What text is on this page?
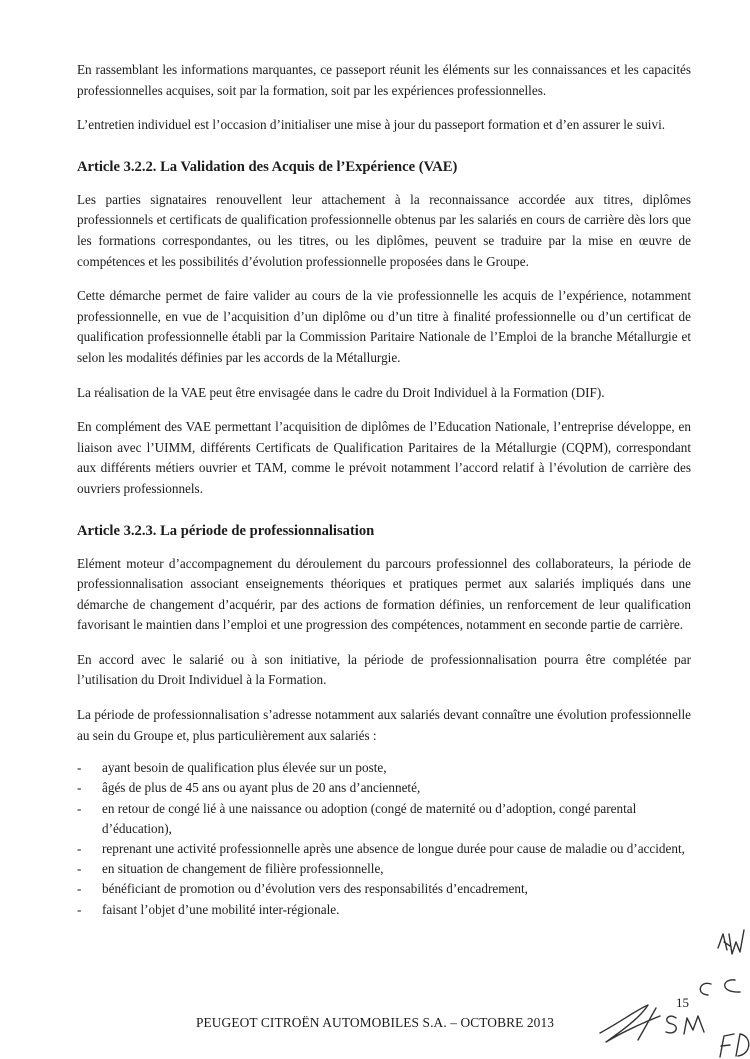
En rassemblant les informations marquantes, ce passeport réunit les éléments sur les connaissances et les capacités professionnelles acquises, soit par la formation, soit par les expériences professionnelles.

L’entretien individuel est l’occasion d’initialiser une mise à jour du passeport formation et d’en assurer le suivi.

Article 3.2.2. La Validation des Acquis de l’Expérience (VAE)

Les parties signataires renouvellent leur attachement à la reconnaissance accordée aux titres, diplômes professionnels et certificats de qualification professionnelle obtenus par les salariés en cours de carrière dès lors que les formations correspondantes, ou les titres, ou les diplômes, peuvent se traduire par la mise en œuvre de compétences et les possibilités d’évolution professionnelle proposées dans le Groupe.

Cette démarche permet de faire valider au cours de la vie professionnelle les acquis de l’expérience, notamment professionnelle, en vue de l’acquisition d’un diplôme ou d’un titre à finalité professionnelle ou d’un certificat de qualification professionnelle établi par la Commission Paritaire Nationale de l’Emploi de la branche Métallurgie et selon les modalités définies par les accords de la Métallurgie.

La réalisation de la VAE peut être envisagée dans le cadre du Droit Individuel à la Formation (DIF).

En complément des VAE permettant l’acquisition de diplômes de l’Education Nationale, l’entreprise développe, en liaison avec l’UIMM, différents Certificats de Qualification Paritaires de la Métallurgie (CQPM), correspondant aux différents métiers ouvrier et TAM, comme le prévoit notamment l’accord relatif à l’évolution de carrière des ouvriers professionnels.

Article 3.2.3. La période de professionnalisation

Elément moteur d’accompagnement du déroulement du parcours professionnel des collaborateurs, la période de professionnalisation associant enseignements théoriques et pratiques permet aux salariés impliqués dans une démarche de changement d’acquérir, par des actions de formation définies, un renforcement de leur qualification favorisant le maintien dans l’emploi et une progression des compétences, notamment en seconde partie de carrière.

En accord avec le salarié ou à son initiative, la période de professionnalisation pourra être complétée par l’utilisation du Droit Individuel à la Formation.

La période de professionnalisation s’adresse notamment aux salariés devant connaître une évolution professionnelle au sein du Groupe et, plus particulièrement aux salariés :

- ayant besoin de qualification plus élevée sur un poste,
- âgés de plus de 45 ans ou ayant plus de 20 ans d’ancienneté,
- en retour de congé lié à une naissance ou adoption (congé de maternité ou d’adoption, congé parental d’éducation),
- reprenant une activité professionnelle après une absence de longue durée pour cause de maladie ou d’accident,
- en situation de changement de filière professionnelle,
- bénéficiant de promotion ou d’évolution vers des responsabilités d’encadrement,
- faisant l’objet d’une mobilité inter-régionale.
15
PEUGEOT CITROËN AUTOMOBILES S.A. – OCTOBRE 2013
